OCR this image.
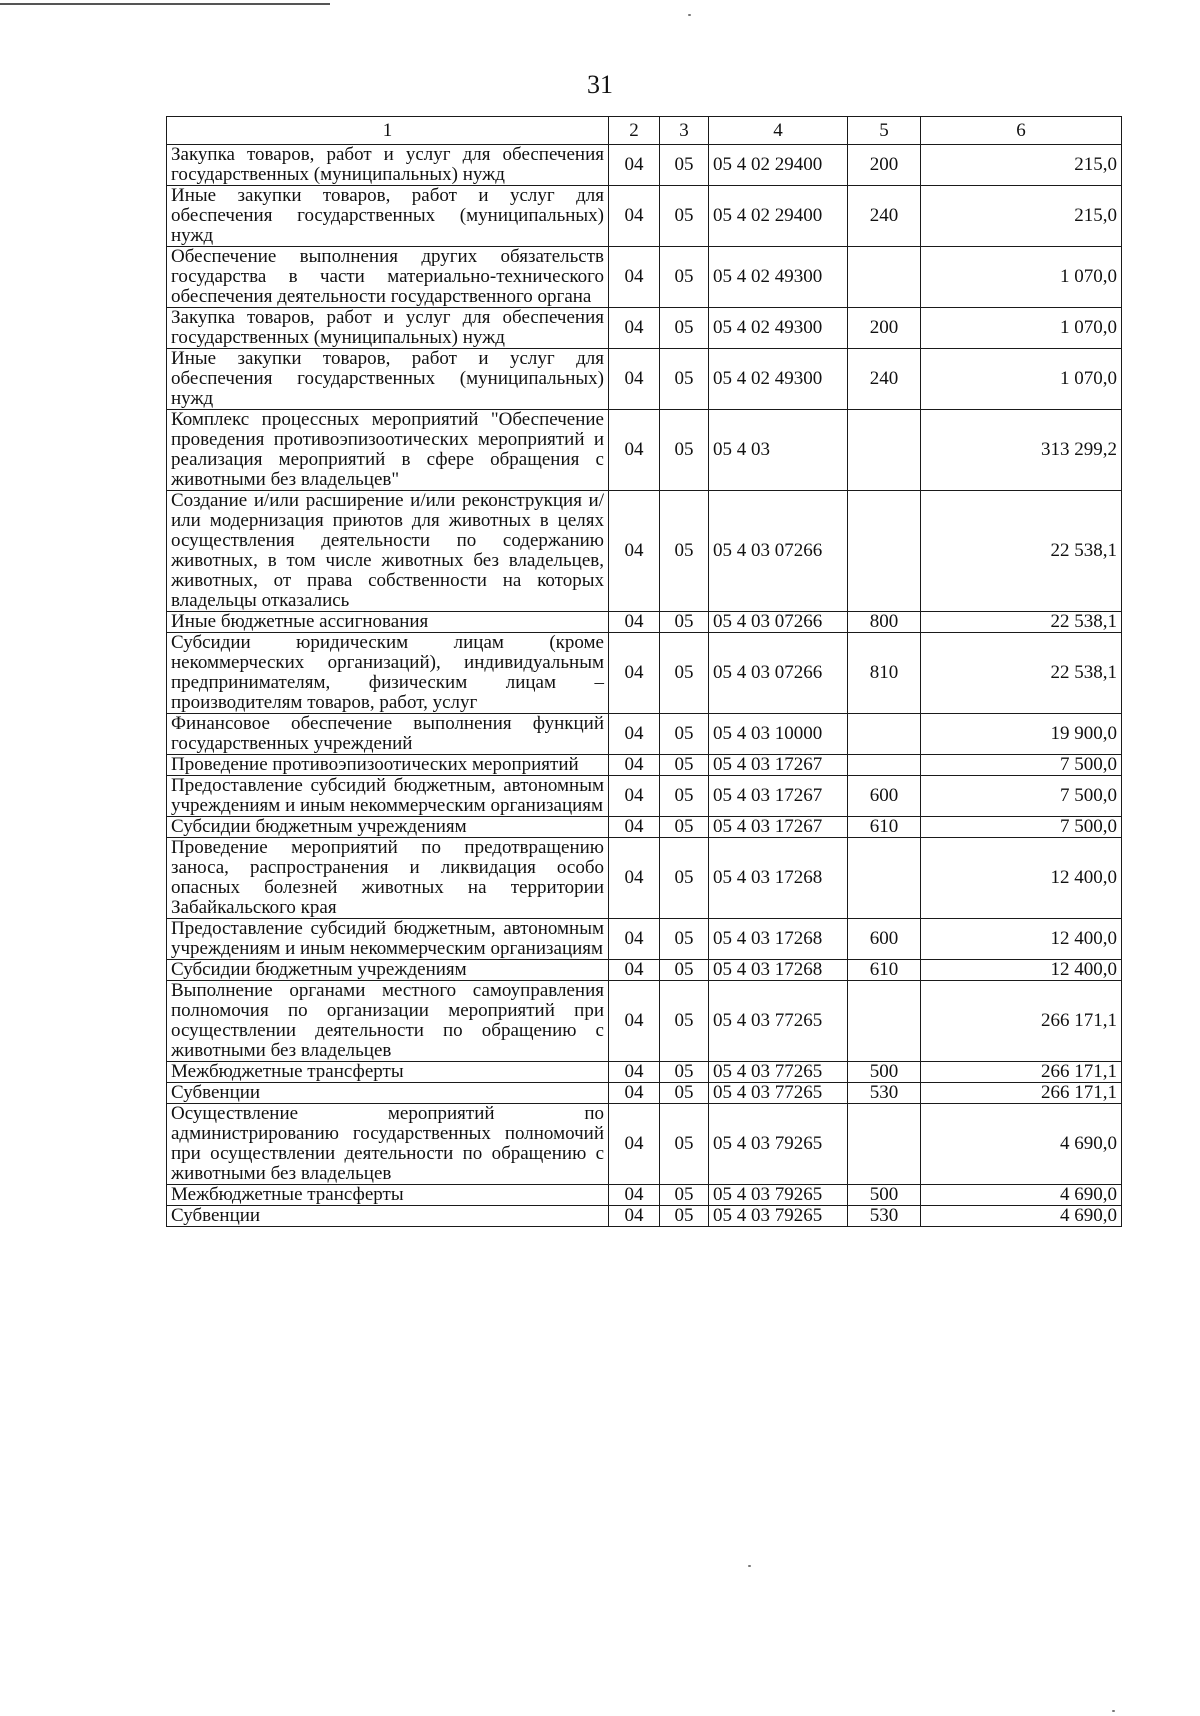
31
1	2	3	4	5	6
Закупка товаров, работ и услуг для обеспечения государственных (муниципальных) нужд	04	05	05 4 02 29400	200	215,0
Иные закупки товаров, работ и услуг для обеспечения государственных (муниципальных) нужд	04	05	05 4 02 29400	240	215,0
Обеспечение выполнения других обязательств государства в части материально-технического обеспечения деятельности государственного органа	04	05	05 4 02 49300		1 070,0
Закупка товаров, работ и услуг для обеспечения государственных (муниципальных) нужд	04	05	05 4 02 49300	200	1 070,0
Иные закупки товаров, работ и услуг для обеспечения государственных (муниципальных) нужд	04	05	05 4 02 49300	240	1 070,0
Комплекс процессных мероприятий "Обеспечение проведения противоэпизоотических мероприятий и реализация мероприятий в сфере обращения с животными без владельцев"	04	05	05 4 03		313 299,2
Создание и/или расширение и/или реконструкция и/или модернизация приютов для животных в целях осуществления деятельности по содержанию животных, в том числе животных без владельцев, животных, от права собственности на которых владельцы отказались	04	05	05 4 03 07266		22 538,1
Иные бюджетные ассигнования	04	05	05 4 03 07266	800	22 538,1
Субсидии юридическим лицам (кроме некоммерческих организаций), индивидуальным предпринимателям, физическим лицам – производителям товаров, работ, услуг	04	05	05 4 03 07266	810	22 538,1
Финансовое обеспечение выполнения функций государственных учреждений	04	05	05 4 03 10000		19 900,0
Проведение противоэпизоотических мероприятий	04	05	05 4 03 17267		7 500,0
Предоставление субсидий бюджетным, автономным учреждениям и иным некоммерческим организациям	04	05	05 4 03 17267	600	7 500,0
Субсидии бюджетным учреждениям	04	05	05 4 03 17267	610	7 500,0
Проведение мероприятий по предотвращению заноса, распространения и ликвидация особо опасных болезней животных на территории Забайкальского края	04	05	05 4 03 17268		12 400,0
Предоставление субсидий бюджетным, автономным учреждениям и иным некоммерческим организациям	04	05	05 4 03 17268	600	12 400,0
Субсидии бюджетным учреждениям	04	05	05 4 03 17268	610	12 400,0
Выполнение органами местного самоуправления полномочия по организации мероприятий при осуществлении деятельности по обращению с животными без владельцев	04	05	05 4 03 77265		266 171,1
Межбюджетные трансферты	04	05	05 4 03 77265	500	266 171,1
Субвенции	04	05	05 4 03 77265	530	266 171,1
Осуществление мероприятий по администрированию государственных полномочий при осуществлении деятельности по обращению с животными без владельцев	04	05	05 4 03 79265		4 690,0
Межбюджетные трансферты	04	05	05 4 03 79265	500	4 690,0
Субвенции	04	05	05 4 03 79265	530	4 690,0
